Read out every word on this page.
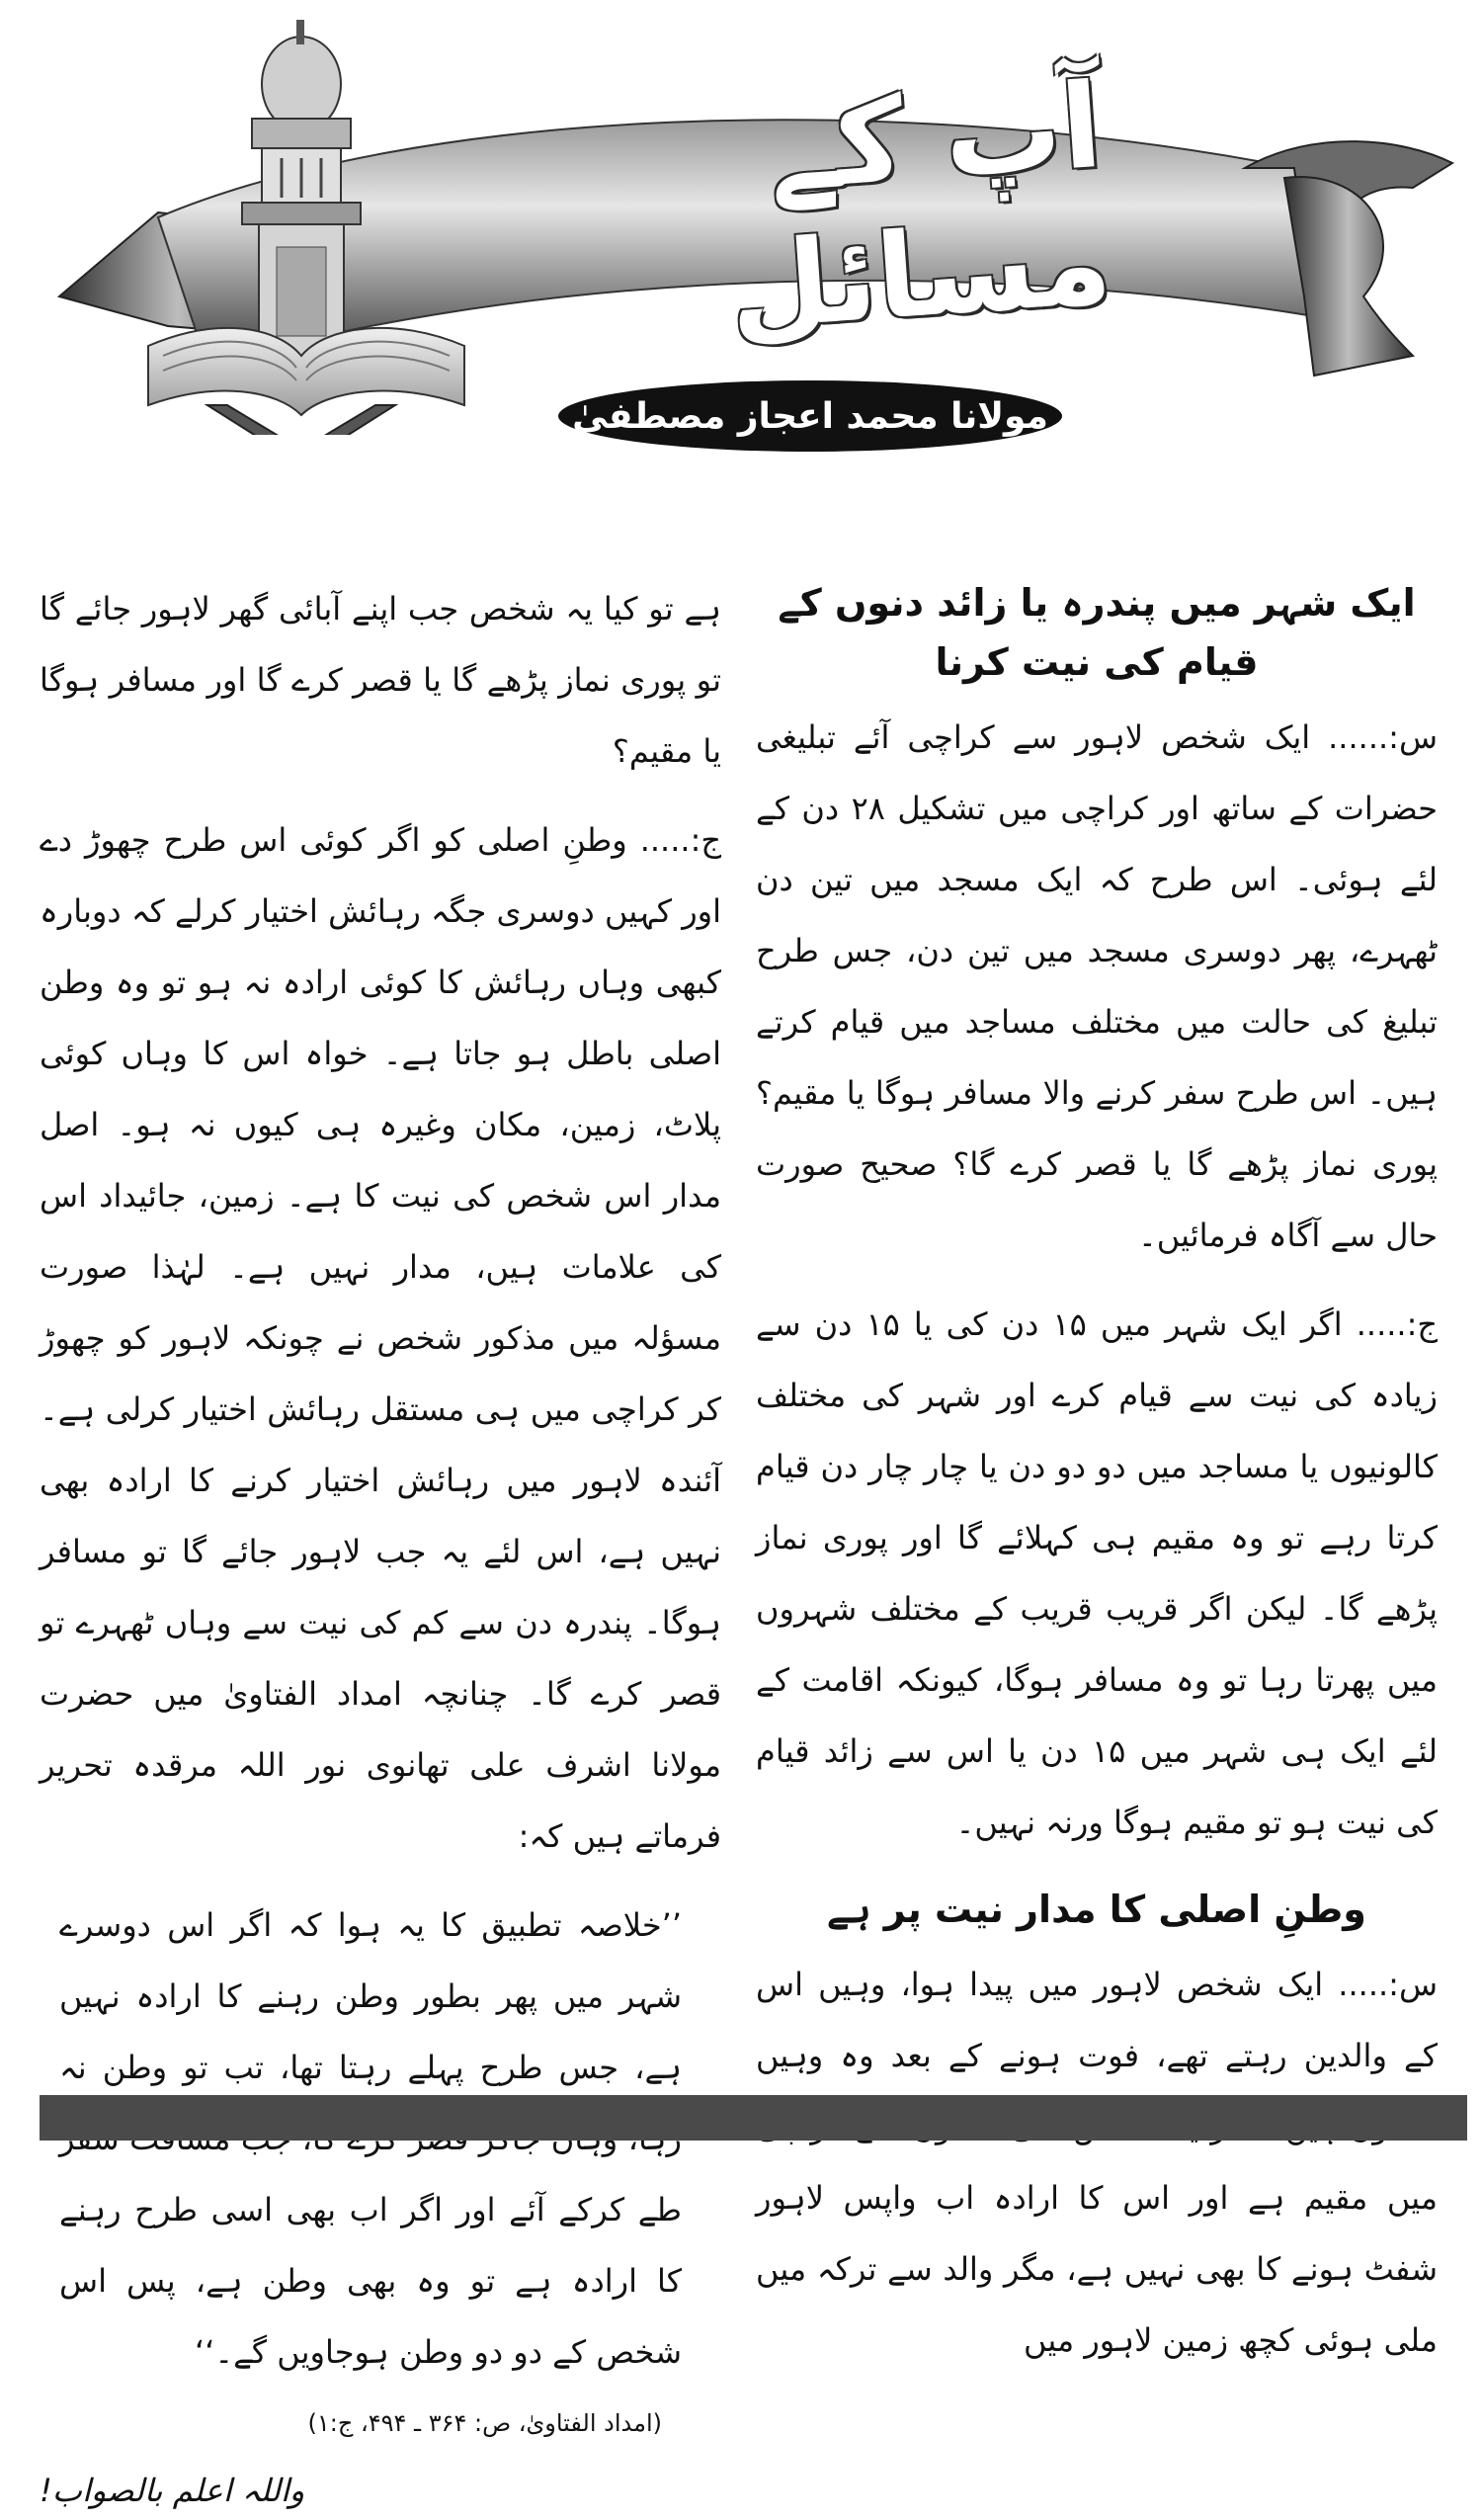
آپ کے مسائل
مولانا محمد اعجاز مصطفیٰ
ایک شہر میں پندرہ یا زائد دنوں کے قیام کی نیت کرنا
س:...... ایک شخص لاہور سے کراچی آئے تبلیغی حضرات کے ساتھ اور کراچی میں تشکیل ۲۸ دن کے لئے ہوئی۔ اس طرح کہ ایک مسجد میں تین دن ٹھہرے، پھر دوسری مسجد میں تین دن، جس طرح تبلیغ کی حالت میں مختلف مساجد میں قیام کرتے ہیں۔ اس طرح سفر کرنے والا مسافر ہوگا یا مقیم؟ پوری نماز پڑھے گا یا قصر کرے گا؟ صحیح صورت حال سے آگاہ فرمائیں۔
ج:..... اگر ایک شہر میں ۱۵ دن کی یا ۱۵ دن سے زیادہ کی نیت سے قیام کرے اور شہر کی مختلف کالونیوں یا مساجد میں دو دو دن یا چار چار دن قیام کرتا رہے تو وہ مقیم ہی کہلائے گا اور پوری نماز پڑھے گا۔ لیکن اگر قریب قریب کے مختلف شہروں میں پھرتا رہا تو وہ مسافر ہوگا، کیونکہ اقامت کے لئے ایک ہی شہر میں ۱۵ دن یا اس سے زائد قیام کی نیت ہو تو مقیم ہوگا ورنہ نہیں۔
وطنِ اصلی کا مدار نیت پر ہے
س:..... ایک شخص لاہور میں پیدا ہوا، وہیں اس کے والدین رہتے تھے، فوت ہونے کے بعد وہ وہیں میں مقیم ہے اور اس کا ارادہ اب واپس لاہور شفٹ ہونے کا بھی نہیں ہے، مگر والد سے ترکہ میں ملی ہوئی کچھ زمین لاہور میں
ہے تو کیا یہ شخص جب اپنے آبائی گھر لاہور جائے گا تو پوری نماز پڑھے گا یا قصر کرے گا اور مسافر ہوگا یا مقیم؟
ج:..... وطنِ اصلی کو اگر کوئی اس طرح چھوڑ دے اور کہیں دوسری جگہ رہائش اختیار کرلے کہ دوبارہ کبھی وہاں رہائش کا کوئی ارادہ نہ ہو تو وہ وطن اصلی باطل ہو جاتا ہے۔ خواہ اس کا وہاں کوئی پلاٹ، زمین، مکان وغیرہ ہی کیوں نہ ہو۔ اصل مدار اس شخص کی نیت کا ہے۔ زمین، جائیداد اس کی علامات ہیں، مدار نہیں ہے۔ لہٰذا صورت مسؤلہ میں مذکور شخص نے چونکہ لاہور کو چھوڑ کر کراچی میں ہی مستقل رہائش اختیار کرلی ہے۔ آئندہ لاہور میں رہائش اختیار کرنے کا ارادہ بھی نہیں ہے، اس لئے یہ جب لاہور جائے گا تو مسافر ہوگا۔ پندرہ دن سے کم کی نیت سے وہاں ٹھہرے تو قصر کرے گا۔ چنانچہ امداد الفتاویٰ میں حضرت مولانا اشرف علی تھانوی نور اللہ مرقدہ تحریر فرماتے ہیں کہ:
’’خلاصہ تطبیق کا یہ ہوا کہ اگر اس دوسرے شہر میں پھر بطور وطن رہنے کا ارادہ نہیں ہے، جس طرح پہلے رہتا تھا، تب تو وطن نہ طے کرکے آئے اور اگر اب بھی اسی طرح رہنے کا ارادہ ہے تو وہ بھی وطن ہے، پس اس شخص کے دو دو وطن ہوجاویں گے۔‘‘
(امداد الفتاویٰ، ص: ۳۶۴ ـ ۴۹۴، ج:۱)
واللہ اعلم بالصواب!
